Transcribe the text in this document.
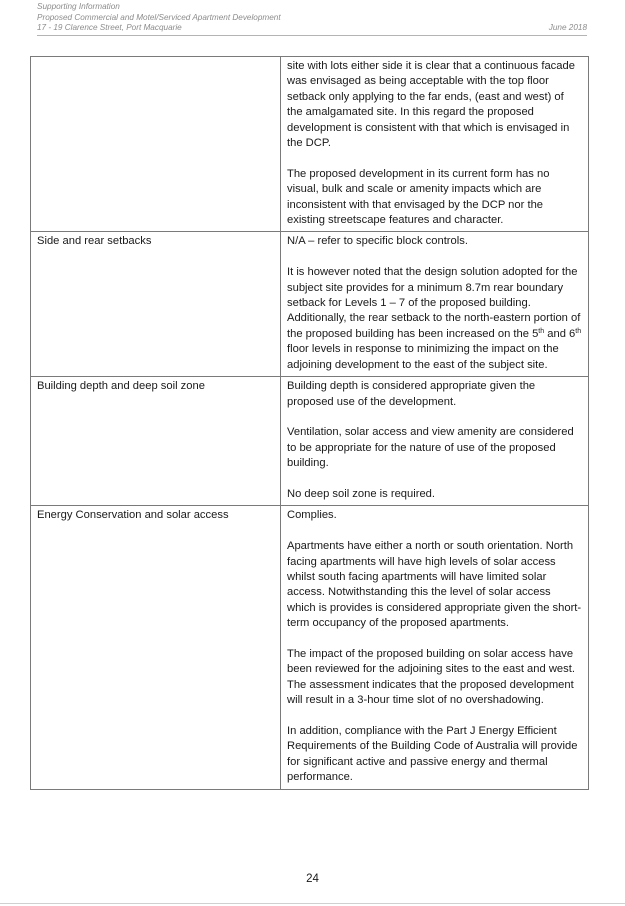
Supporting Information
Proposed Commercial and Motel/Serviced Apartment Development
17 - 19 Clarence Street, Port Macquarie	June 2018

	site with lots either side it is clear that a continuous facade was envisaged as being acceptable with the top floor setback only applying to the far ends, (east and west) of the amalgamated site. In this regard the proposed development is consistent with that which is envisaged in the DCP.

The proposed development in its current form has no visual, bulk and scale or amenity impacts which are inconsistent with that envisaged by the DCP nor the existing streetscape features and character.

Side and rear setbacks	N/A – refer to specific block controls.

It is however noted that the design solution adopted for the subject site provides for a minimum 8.7m rear boundary setback for Levels 1 – 7 of the proposed building. Additionally, the rear setback to the north-eastern portion of the proposed building has been increased on the 5th and 6th floor levels in response to minimizing the impact on the adjoining development to the east of the subject site.

Building depth and deep soil zone	Building depth is considered appropriate given the proposed use of the development.

Ventilation, solar access and view amenity are considered to be appropriate for the nature of use of the proposed building.

No deep soil zone is required.

Energy Conservation and solar access	Complies.

Apartments have either a north or south orientation. North facing apartments will have high levels of solar access whilst south facing apartments will have limited solar access. Notwithstanding this the level of solar access which is provides is considered appropriate given the short-term occupancy of the proposed apartments.

The impact of the proposed building on solar access have been reviewed for the adjoining sites to the east and west. The assessment indicates that the proposed development will result in a 3-hour time slot of no overshadowing.

In addition, compliance with the Part J Energy Efficient Requirements of the Building Code of Australia will provide for significant active and passive energy and thermal performance.

24
